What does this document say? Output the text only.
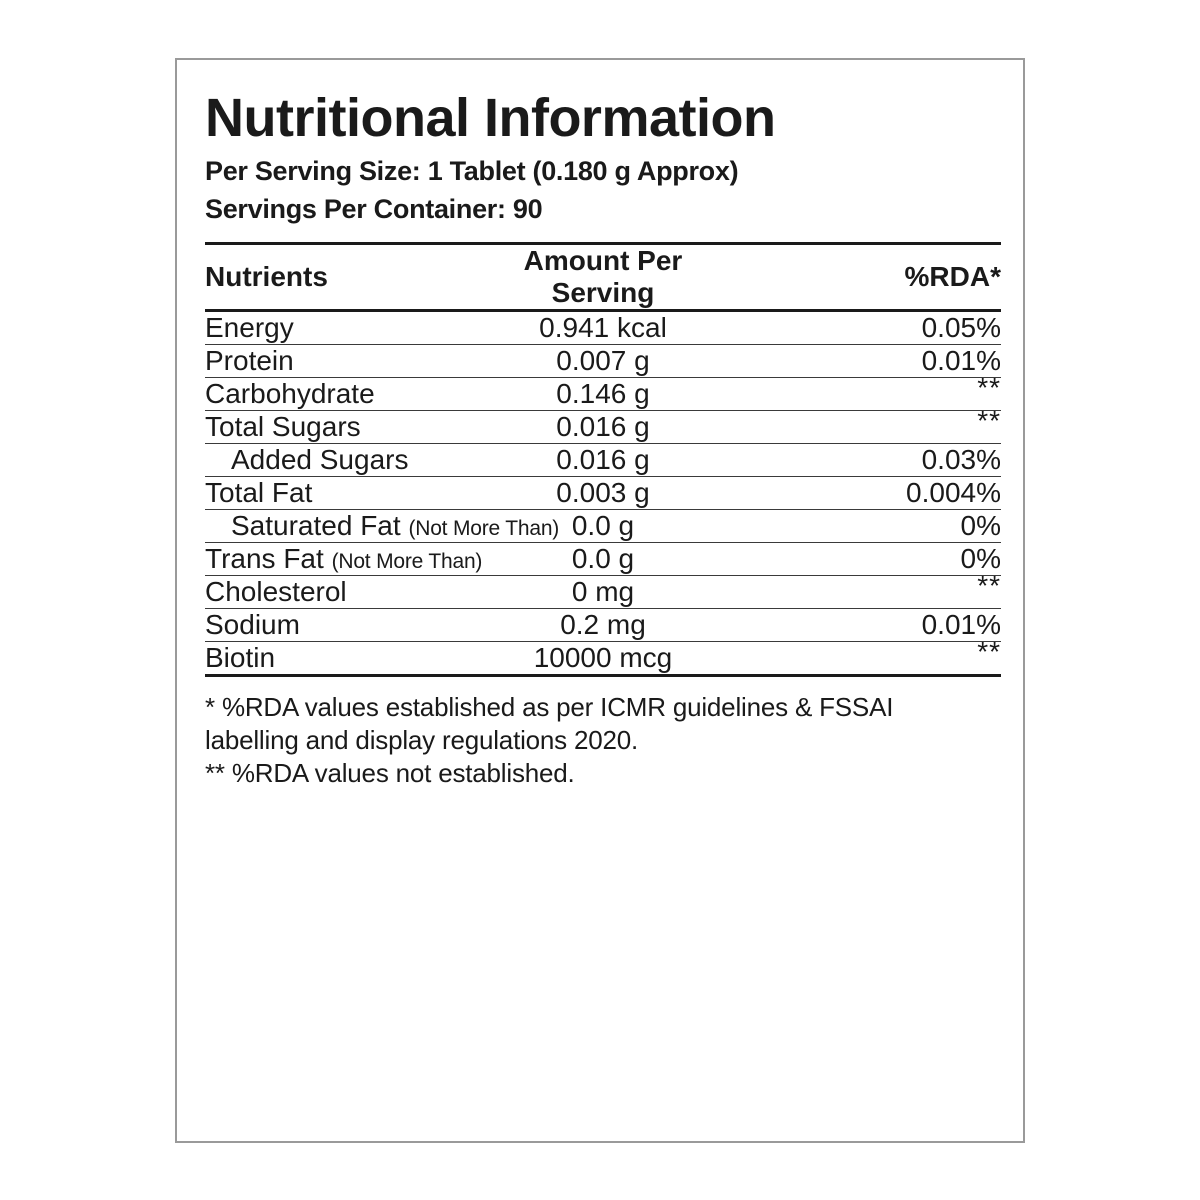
Nutritional Information
Per Serving Size: 1 Tablet (0.180 g Approx)
Servings Per Container: 90

Nutrients	Amount Per Serving	%RDA*
Energy	0.941 kcal	0.05%
Protein	0.007 g	0.01%
Carbohydrate	0.146 g	**
Total Sugars	0.016 g	**
Added Sugars	0.016 g	0.03%
Total Fat	0.003 g	0.004%
Saturated Fat (Not More Than)	0.0 g	0%
Trans Fat (Not More Than)	0.0 g	0%
Cholesterol	0 mg	**
Sodium	0.2 mg	0.01%
Biotin	10000 mcg	**
* %RDA values established as per ICMR guidelines & FSSAI
labelling and display regulations 2020.
** %RDA values not established.
